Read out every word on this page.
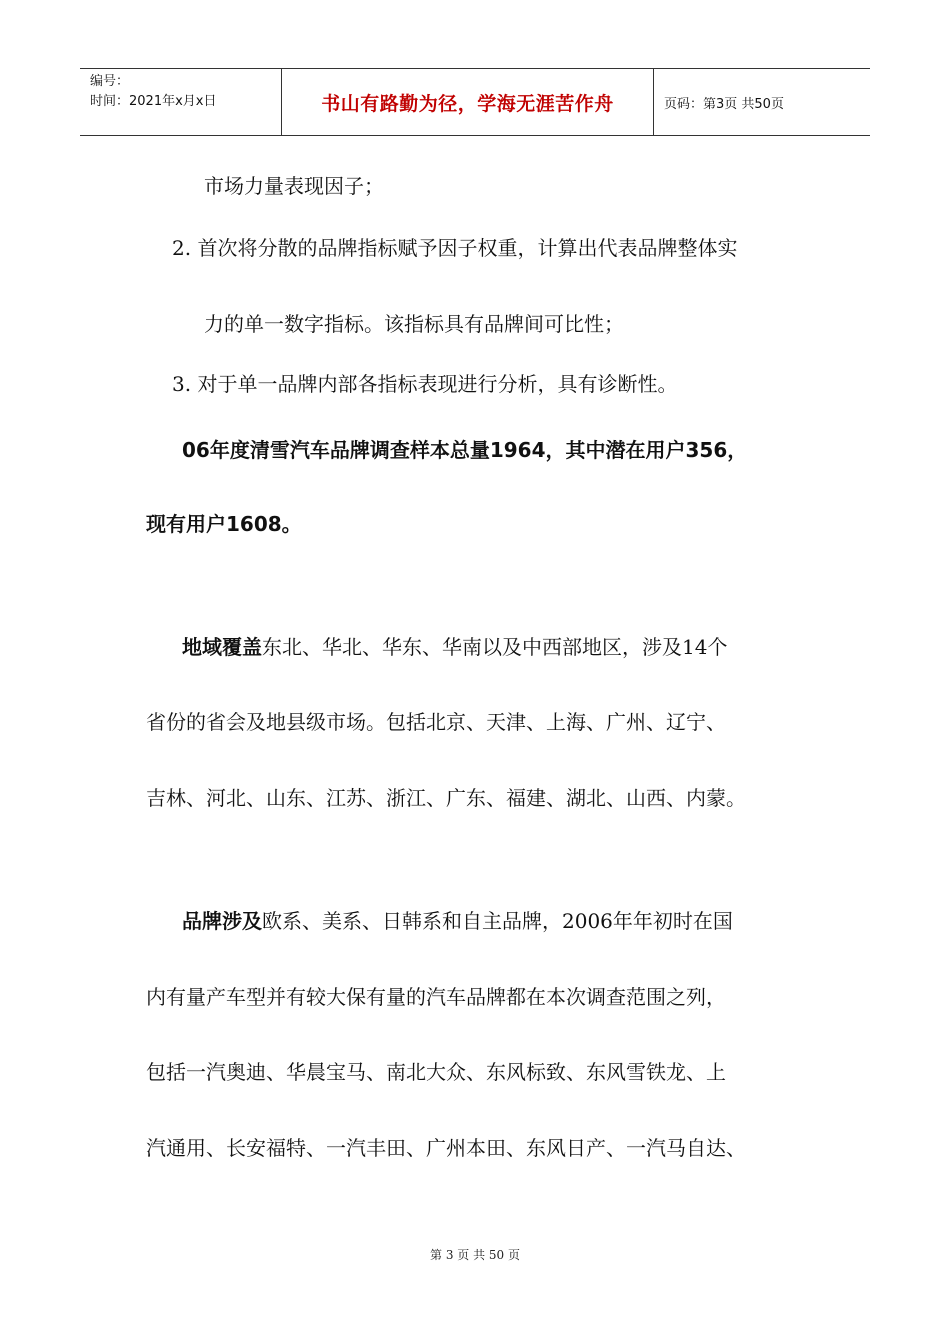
编号：
时间：2021年x月x日	书山有路勤为径，学海无涯苦作舟	页码：第3页 共50页
市场力量表现因子；
2. 首次将分散的品牌指标赋予因子权重，计算出代表品牌整体实
力的单一数字指标。该指标具有品牌间可比性；
3. 对于单一品牌内部各指标表现进行分析，具有诊断性。
06年度清雪汽车品牌调查样本总量1964，其中潜在用户356，
现有用户1608。
地域覆盖东北、华北、华东、华南以及中西部地区，涉及14个
省份的省会及地县级市场。包括北京、天津、上海、广州、辽宁、
吉林、河北、山东、江苏、浙江、广东、福建、湖北、山西、内蒙。
品牌涉及欧系、美系、日韩系和自主品牌，2006年年初时在国
内有量产车型并有较大保有量的汽车品牌都在本次调查范围之列，
包括一汽奥迪、华晨宝马、南北大众、东风标致、东风雪铁龙、上
汽通用、长安福特、一汽丰田、广州本田、东风日产、一汽马自达、
第 3 页 共 50 页
